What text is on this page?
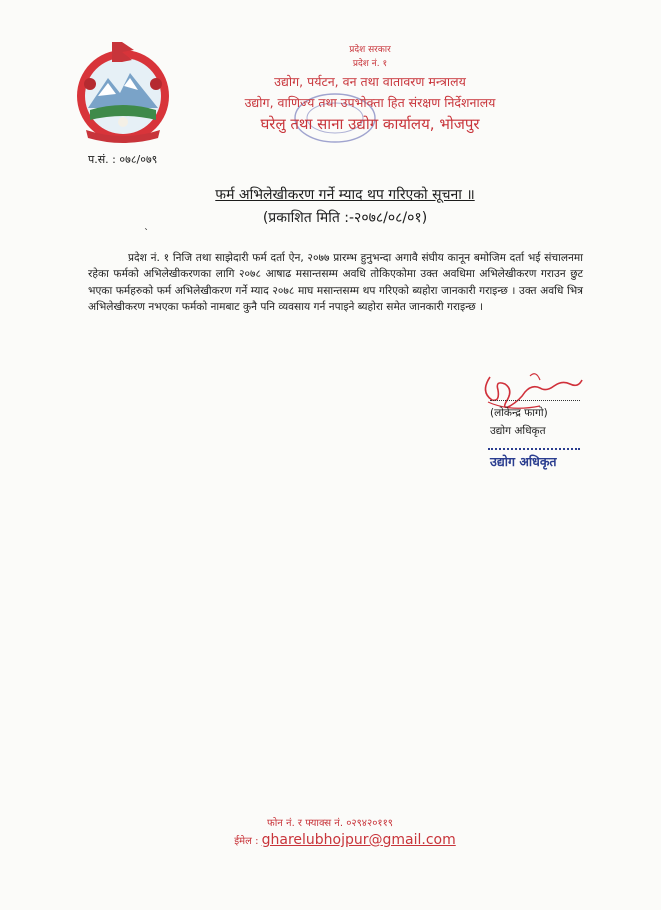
प्रदेश सरकार
प्रदेश नं. १
उद्योग, पर्यटन, वन तथा वातावरण मन्त्रालय
उद्योग, वाणिज्य तथा उपभोक्ता हित संरक्षण निर्देशनालय
घरेलु तथा साना उद्योग कार्यालय, भोजपुर
प.सं. : ०७८/०७९
फर्म अभिलेखीकरण गर्ने म्याद थप गरिएको सूचना ॥
(प्रकाशित मिति :-२०७८/०८/०१)
`

प्रदेश नं. १ निजि तथा साझेदारी फर्म दर्ता ऐन, २०७७ प्रारम्भ हुनुभन्दा अगावै संघीय कानून बमोजिम दर्ता भई संचालनमा रहेका फर्मको अभिलेखीकरणका लागि २०७८ आषाढ मसान्तसम्म अवधि तोकिएकोमा उक्त अवधिमा अभिलेखीकरण गराउन छुट भएका फर्महरुको फर्म अभिलेखीकरण गर्ने म्याद २०७८ माघ मसान्तसम्म थप गरिएको ब्यहोरा जानकारी गराइन्छ । उक्त अवधि भित्र अभिलेखीकरण नभएका फर्मको नामबाट कुनै पनि व्यवसाय गर्न नपाइने ब्यहोरा समेत जानकारी गराइन्छ ।

(लोकेन्द्र फागो)
उद्योग अधिकृत
उद्योग अधिकृत
फोन नं. र फ्याक्स नं. ०२९४२०११९
ईमेल : gharelubhojpur@gmail.com
